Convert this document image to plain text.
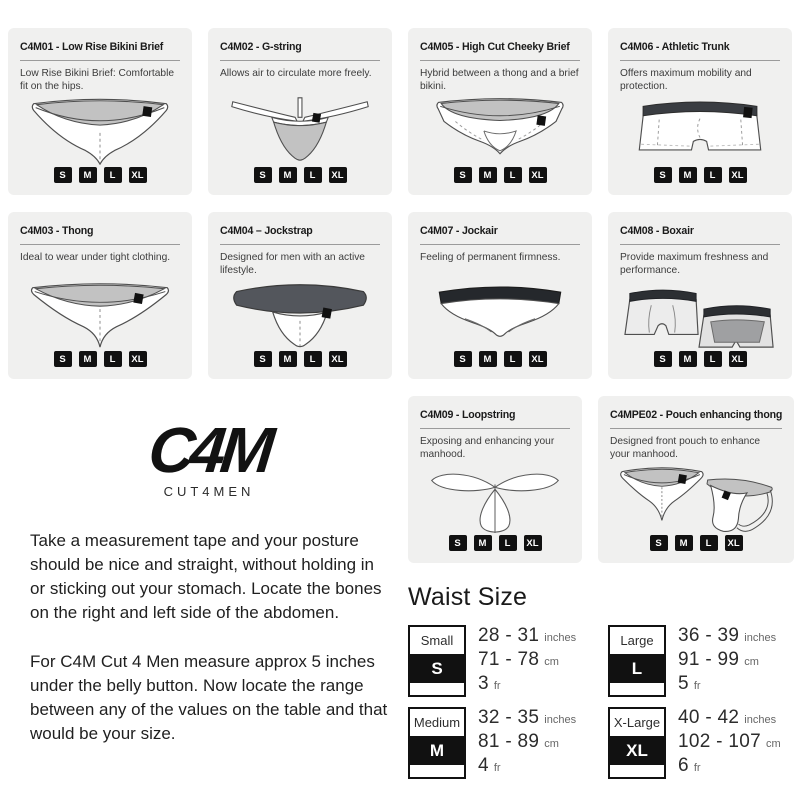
C4M01 - Low Rise Bikini Brief
Low Rise Bikini Brief: Comfortable fit on the hips.
S	M	L	XL
C4M02 - G-string
Allows air to circulate more freely.
S	M	L	XL
C4M05 - High Cut Cheeky Brief
Hybrid between a thong and a brief bikini.
S	M	L	XL
C4M06 - Athletic Trunk
Offers maximum mobility and protection.
S	M	L	XL
C4M03 - Thong
Ideal to wear under tight clothing.
S	M	L	XL
C4M04 – Jockstrap
Designed for men with an active lifestyle.
S	M	L	XL
C4M07 - Jockair
Feeling of permanent firmness.
S	M	L	XL
C4M08 - Boxair
Provide maximum freshness and performance.
S	M	L	XL
C4M
CUT4MEN

Take a measurement tape and your posture should be nice and straight, without holding in or sticking out your stomach. Locate the bones on the right and left side of the abdomen.

For C4M Cut 4 Men measure approx 5 inches under the belly button. Now locate the range between any of the values on the table and that would be your size.

C4M09 - Loopstring
Exposing and enhancing your manhood.
S	M	L	XL
C4MPE02 - Pouch enhancing thong
Designed front pouch to enhance your manhood.
S	M	L	XL
Waist Size
Small
S
28 - 31 inches
71 - 78 cm
3 fr
Large
L
36 - 39 inches
91 - 99 cm
5 fr
Medium
M
32 - 35 inches
81 - 89 cm
4 fr
X-Large
XL
40 - 42 inches
102 - 107 cm
6 fr
